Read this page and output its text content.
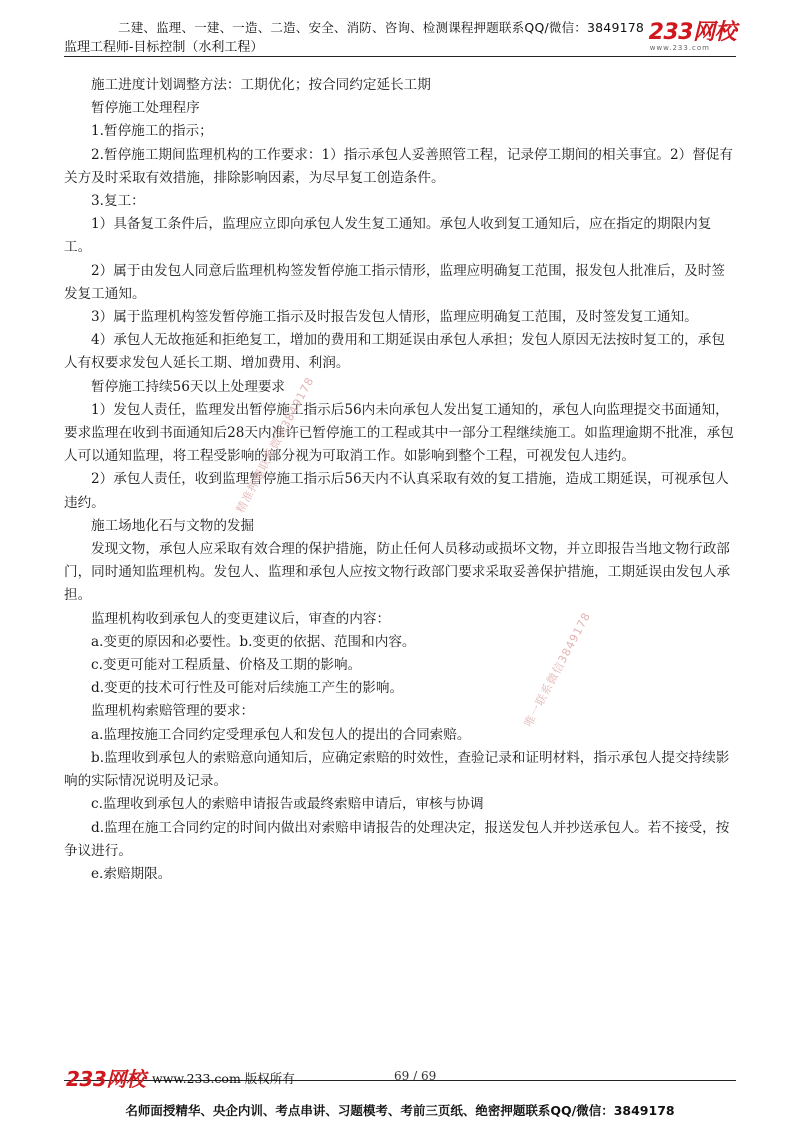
二建、监理、一建、一造、二造、安全、消防、咨询、检测课程押题联系QQ/微信：3849178
监理工程师-目标控制（水利工程）
233网校
www.233.com

施工进度计划调整方法：工期优化；按合同约定延长工期

暂停施工处理程序

1.暂停施工的指示；

2.暂停施工期间监理机构的工作要求：1）指示承包人妥善照管工程，记录停工期间的相关事宜。2）督促有关方及时采取有效措施，排除影响因素，为尽早复工创造条件。

3.复工：

1）具备复工条件后，监理应立即向承包人发生复工通知。承包人收到复工通知后，应在指定的期限内复工。

2）属于由发包人同意后监理机构签发暂停施工指示情形，监理应明确复工范围，报发包人批准后，及时签发复工通知。

3）属于监理机构签发暂停施工指示及时报告发包人情形，监理应明确复工范围，及时签发复工通知。

4）承包人无故拖延和拒绝复工，增加的费用和工期延误由承包人承担；发包人原因无法按时复工的，承包人有权要求发包人延长工期、增加费用、利润。

暂停施工持续56天以上处理要求

1）发包人责任，监理发出暂停施工指示后56内未向承包人发出复工通知的，承包人向监理提交书面通知，要求监理在收到书面通知后28天内准许已暂停施工的工程或其中一部分工程继续施工。如监理逾期不批准，承包人可以通知监理，将工程受影响的部分视为可取消工作。如影响到整个工程，可视发包人违约。

2）承包人责任，收到监理暂停施工指示后56天内不认真采取有效的复工措施，造成工期延误，可视承包人违约。

施工场地化石与文物的发掘

发现文物，承包人应采取有效合理的保护措施，防止任何人员移动或损坏文物，并立即报告当地文物行政部门，同时通知监理机构。发包人、监理和承包人应按文物行政部门要求采取妥善保护措施，工期延误由发包人承担。

监理机构收到承包人的变更建议后，审查的内容：

a.变更的原因和必要性。b.变更的依据、范围和内容。

c.变更可能对工程质量、价格及工期的影响。

d.变更的技术可行性及可能对后续施工产生的影响。

监理机构索赔管理的要求：

a.监理按施工合同约定受理承包人和发包人的提出的合同索赔。

b.监理收到承包人的索赔意向通知后，应确定索赔的时效性，查验记录和证明材料，指示承包人提交持续影响的实际情况说明及记录。

c.监理收到承包人的索赔申请报告或最终索赔申请后，审核与协调

d.监理在施工合同约定的时间内做出对索赔申请报告的处理决定，报送发包人并抄送承包人。若不接受，按争议进行。

e.索赔期限。

精准押题联系微信3849178
唯一联系微信3849178
233网校 www.233.com 版权所有	69 / 69
名师面授精华、央企内训、考点串讲、习题模考、考前三页纸、绝密押题联系QQ/微信：3849178
